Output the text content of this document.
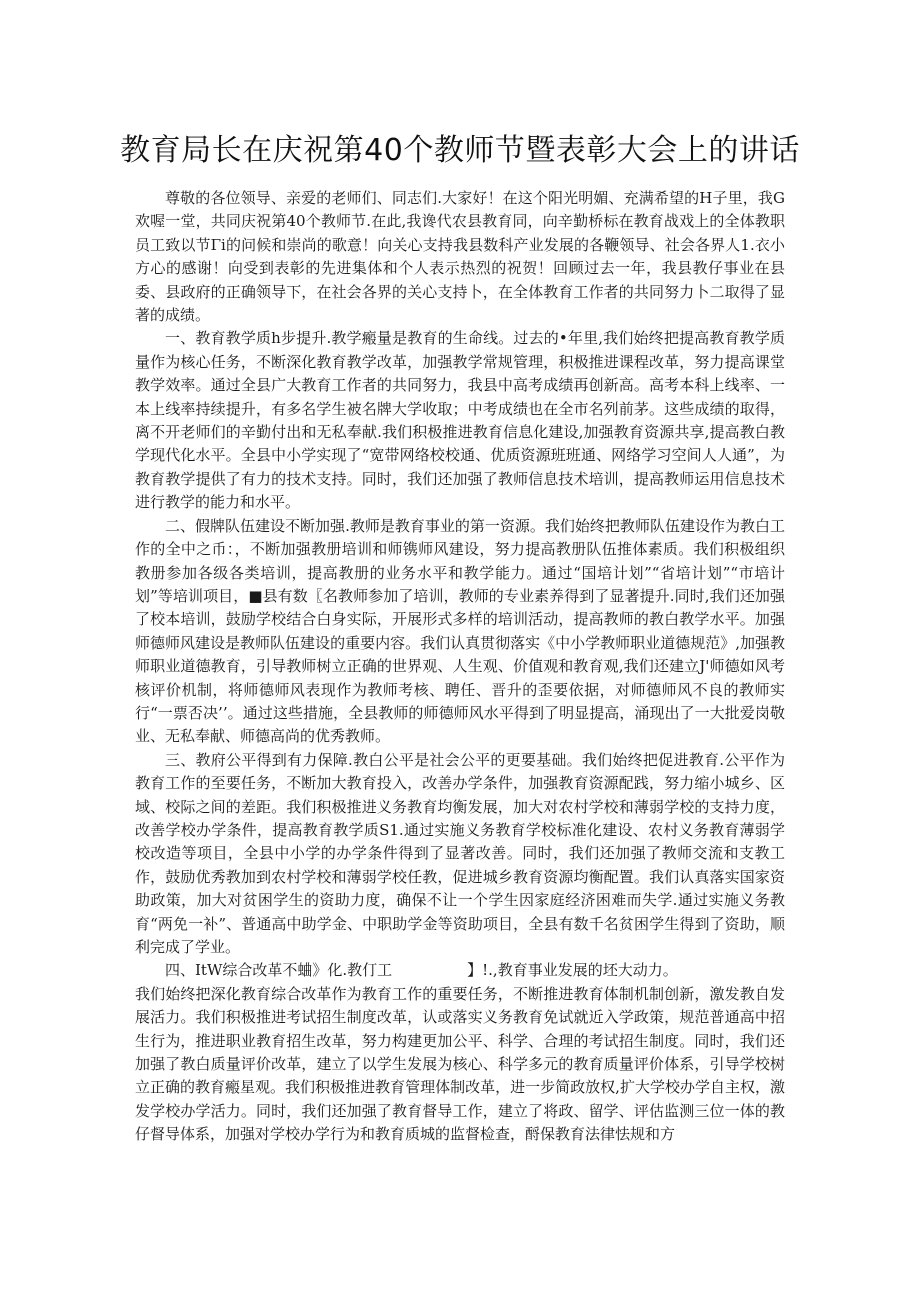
教育局长在庆祝第40个教师节暨表彰大会上的讲话

尊敬的各位领导、亲爱的老师们、同志们.大家好！在这个阳光明媚、充满希望的H子里，我G欢喔一堂，共同庆祝第40个教师节.在此,我谗代农县教育同，向辛勤桥标在教育战戏上的全体教职员工致以节Γi的问候和崇尚的歌意！向关心支持我县数科产业发展的各鞭领导、社会各界人1.衣小方心的感谢！向受到表彰的先进集体和个人表示热烈的祝贺！回顾过去一年，我县教仔事业在县委、县政府的正确领导下，在社会各界的关心支持卜，在全体教育工作者的共同努力卜二取得了显著的成绩。

一、教育教学质h步提升.教学瘢量是教育的生命线。过去的•年里,我们始终把提高教育教学质量作为核心任务，不断深化教育教学改革，加强教学常规管理，积极推进课程改革，努力提高课堂教学效率。通过全县广大教育工作者的共同努力，我县中高考成绩再创新高。高考本科上线率、一本上线率持续提升，有多名学生被名牌大学收取；中考成绩也在全市名列前茅。这些成绩的取得，离不开老师们的辛勤付出和无私奉献.我们积极推进教育信息化建设,加强教育资源共享,提高教白教学现代化水平。全县中小学实现了“宽带网络校校通、优质资源班班通、网络学习空间人人通”，为教育教学提供了有力的技术支持。同时，我们还加强了教师信息技术培训，提高教师运用信息技术进行教学的能力和水平。

二、假牌队伍建设不断加强.教师是教育事业的第一资源。我们始终把教师队伍建设作为教白工作的全中之币：，不断加强教册培训和师镌师风建设，努力提高教册队伍推体素质。我们积极组织教册参加各级各类培训，提高教册的业务水平和教学能力。通过“国培计划”“省培计划”“市培计划”等培训项目，■县有数〖名教师参加了培训，教师的专业素养得到了显著提升.同时,我们还加强了校本培训，鼓励学校结合白身实际，开展形式多样的培训活动，提高教师的教白教学水平。加强师德师风建设是教师队伍建设的重要内容。我们认真贯彻落实《中小学教师职业道德规范》,加强教师职业道德教育，引导教师树立正确的世界观、人生观、价值观和教育观,我们还建立J'师德如风考核评价机制，将师德师风表现作为教师考核、聘任、晋升的歪要依据，对师德师风不良的教师实行“一票否决’’。通过这些措施，全县教师的师德师风水平得到了明显提高，涌现出了一大批爱岗敬业、无私奉献、师德高尚的优秀教师。

三、教府公平得到有力保障.教白公平是社会公平的更要基础。我们始终把促进教育.公平作为教育工作的至要任务，不断加大教育投入，改善办学条件，加强教育资源配践，努力缩小城乡、区域、校际之间的差距。我们积极推进义务教育均衡发展，加大对农村学校和薄弱学校的支持力度，改善学校办学条件，提高教育教学质S1.通过实施义务教育学校标准化建设、农村义务教育薄弱学校改造等项目，全县中小学的办学条件得到了显著改善。同时，我们还加强了教师交流和支教工作，鼓励优秀教加到农村学校和薄弱学校任教，促进城乡教育资源均衡配置。我们认真落实国家资助政策，加大对贫困学生的资助力度，确保不让一个学生因家庭经济困难而失学.通过实施义务教育“两免一补”、普通高中助学金、中职助学金等资助项目，全县有数千名贫困学生得到了资助，顺利完成了学业。

四、ItW综合改革不蛐》化.教仃工　　　　　】!.,教育事业发展的坯大动力。

我们始终把深化教育综合改革作为教育工作的重要任务，不断推进教育体制机制创新，激发教自发展活力。我们积极推进考试招生制度改革，认或落实义务教育免试就近入学政策，规范普通高中招生行为，推进职业教育招生改革，努力构建更加公平、科学、合理的考试招生制度。同时，我们还加强了教白质量评价改革，建立了以学生发展为核心、科学多元的教育质量评价体系，引导学校树立正确的教育瘢星观。我们积极推进教育管理体制改革，进一步简政放权,扩大学校办学自主权，激发学校办学活力。同时，我们还加强了教育督导工作，建立了将政、留学、评估监测三位一体的教仔督导体系，加强对学校办学行为和教育质城的监督检查，酹保教育法律怯规和方
